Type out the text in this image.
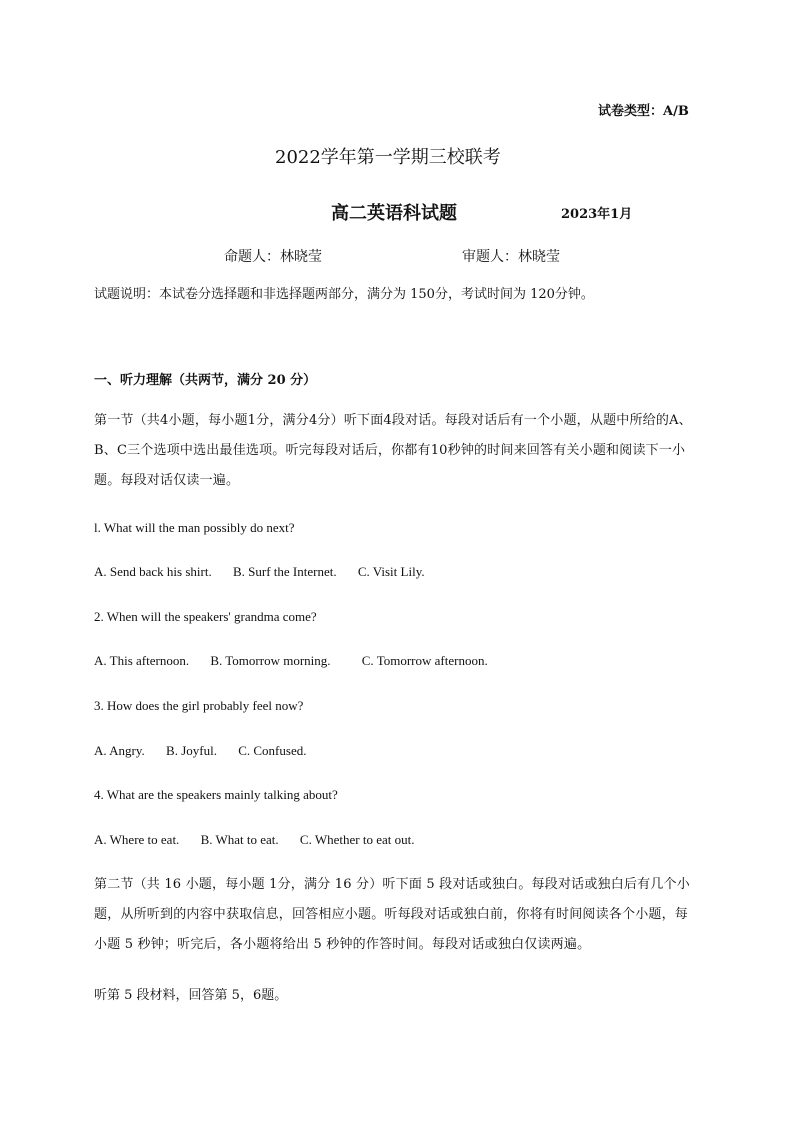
试卷类型：A/B
2022学年第一学期三校联考
高二英语科试题	2023年1月
命题人：林晓莹	审题人：林晓莹
试题说明：本试卷分选择题和非选择题两部分，满分为 150分，考试时间为 120分钟。
一、听力理解（共两节，满分 20 分）
第一节（共4小题，每小题1分，满分4分）听下面4段对话。每段对话后有一个小题，从题中所给的A、B、C三个选项中选出最佳选项。听完每段对话后，你都有10秒钟的时间来回答有关小题和阅读下一小题。每段对话仅读一遍。
l. What will the man possibly do next?
A. Send back his shirt. B. Surf the Internet. C. Visit Lily.
2. When will the speakers' grandma come?
A. This afternoon. B. Tomorrow morning. C. Tomorrow afternoon.
3. How does the girl probably feel now?
A. Angry. B. Joyful. C. Confused.
4. What are the speakers mainly talking about?
A. Where to eat. B. What to eat. C. Whether to eat out.
第二节（共 16 小题，每小题 1分，满分 16 分）听下面 5 段对话或独白。每段对话或独白后有几个小题，从所听到的内容中获取信息，回答相应小题。听每段对话或独白前，你将有时间阅读各个小题，每小题 5 秒钟；听完后，各小题将给出 5 秒钟的作答时间。每段对话或独白仅读两遍。
听第 5 段材料，回答第 5，6题。
